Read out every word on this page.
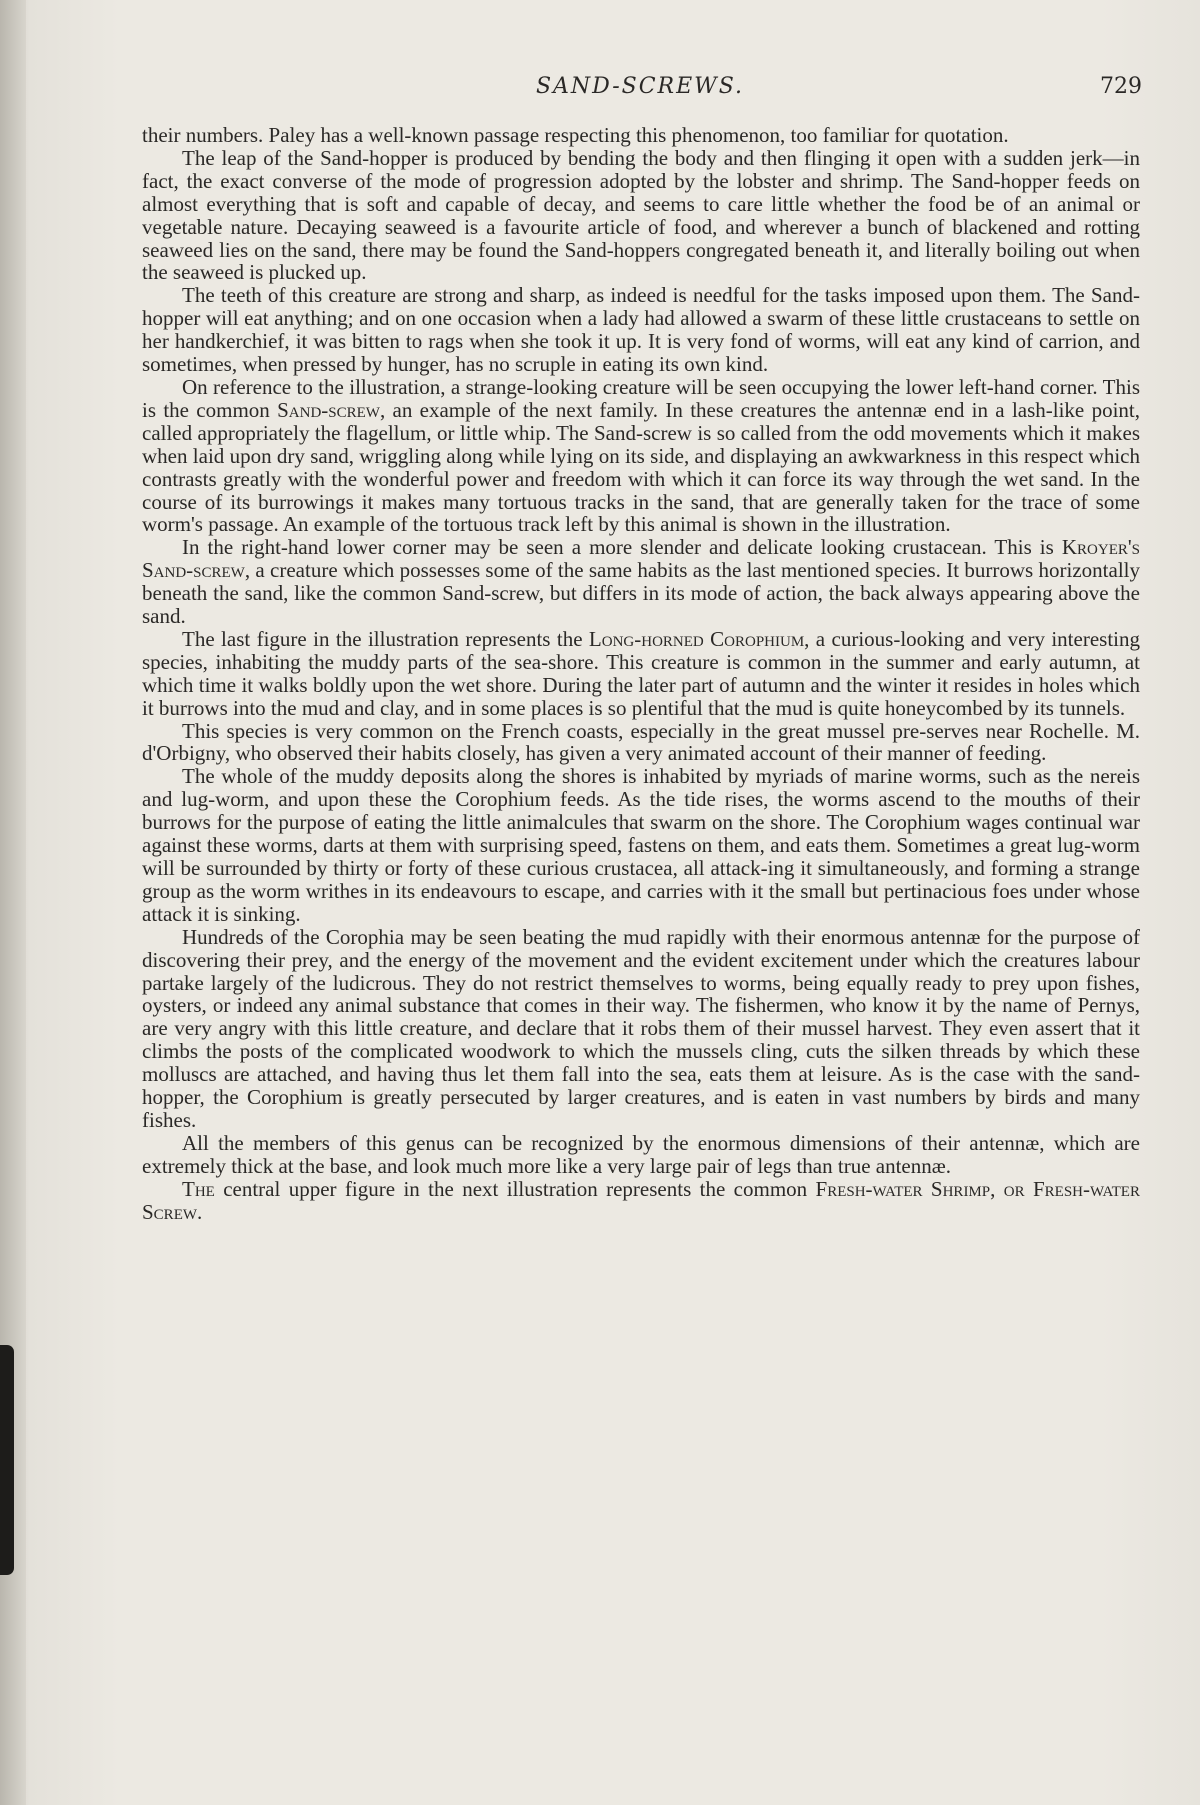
SAND-SCREWS.	729

their numbers. Paley has a well-known passage respecting this phenomenon, too familiar for quotation.

The leap of the Sand-hopper is produced by bending the body and then flinging it open with a sudden jerk—in fact, the exact converse of the mode of progression adopted by the lobster and shrimp. The Sand-hopper feeds on almost everything that is soft and capable of decay, and seems to care little whether the food be of an animal or vegetable nature. Decaying seaweed is a favourite article of food, and wherever a bunch of blackened and rotting seaweed lies on the sand, there may be found the Sand-hoppers congregated beneath it, and literally boiling out when the seaweed is plucked up.

The teeth of this creature are strong and sharp, as indeed is needful for the tasks imposed upon them. The Sand-hopper will eat anything; and on one occasion when a lady had allowed a swarm of these little crustaceans to settle on her handkerchief, it was bitten to rags when she took it up. It is very fond of worms, will eat any kind of carrion, and sometimes, when pressed by hunger, has no scruple in eating its own kind.

On reference to the illustration, a strange-looking creature will be seen occupying the lower left-hand corner. This is the common Sand-screw, an example of the next family. In these creatures the antennæ end in a lash-like point, called appropriately the flagellum, or little whip. The Sand-screw is so called from the odd movements which it makes when laid upon dry sand, wriggling along while lying on its side, and displaying an awkwarkness in this respect which contrasts greatly with the wonderful power and freedom with which it can force its way through the wet sand. In the course of its burrowings it makes many tortuous tracks in the sand, that are generally taken for the trace of some worm's passage. An example of the tortuous track left by this animal is shown in the illustration.

In the right-hand lower corner may be seen a more slender and delicate looking crustacean. This is Kroyer's Sand-screw, a creature which possesses some of the same habits as the last mentioned species. It burrows horizontally beneath the sand, like the common Sand-screw, but differs in its mode of action, the back always appearing above the sand.

The last figure in the illustration represents the Long-horned Corophium, a curious-looking and very interesting species, inhabiting the muddy parts of the sea-shore. This creature is common in the summer and early autumn, at which time it walks boldly upon the wet shore. During the later part of autumn and the winter it resides in holes which it burrows into the mud and clay, and in some places is so plentiful that the mud is quite honeycombed by its tunnels.

This species is very common on the French coasts, especially in the great mussel pre-serves near Rochelle. M. d'Orbigny, who observed their habits closely, has given a very animated account of their manner of feeding.

The whole of the muddy deposits along the shores is inhabited by myriads of marine worms, such as the nereis and lug-worm, and upon these the Corophium feeds. As the tide rises, the worms ascend to the mouths of their burrows for the purpose of eating the little animalcules that swarm on the shore. The Corophium wages continual war against these worms, darts at them with surprising speed, fastens on them, and eats them. Sometimes a great lug-worm will be surrounded by thirty or forty of these curious crustacea, all attack-ing it simultaneously, and forming a strange group as the worm writhes in its endeavours to escape, and carries with it the small but pertinacious foes under whose attack it is sinking.

Hundreds of the Corophia may be seen beating the mud rapidly with their enormous antennæ for the purpose of discovering their prey, and the energy of the movement and the evident excitement under which the creatures labour partake largely of the ludicrous. They do not restrict themselves to worms, being equally ready to prey upon fishes, oysters, or indeed any animal substance that comes in their way. The fishermen, who know it by the name of Pernys, are very angry with this little creature, and declare that it robs them of their mussel harvest. They even assert that it climbs the posts of the complicated woodwork to which the mussels cling, cuts the silken threads by which these molluscs are attached, and having thus let them fall into the sea, eats them at leisure. As is the case with the sand-hopper, the Corophium is greatly persecuted by larger creatures, and is eaten in vast numbers by birds and many fishes.

All the members of this genus can be recognized by the enormous dimensions of their antennæ, which are extremely thick at the base, and look much more like a very large pair of legs than true antennæ.

The central upper figure in the next illustration represents the common Fresh-water Shrimp, or Fresh-water Screw.
